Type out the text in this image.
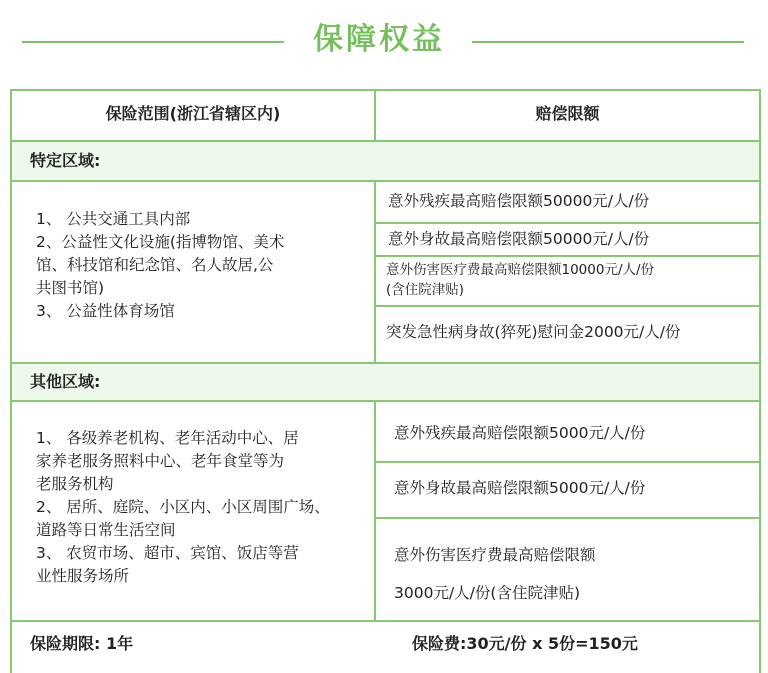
保障权益
保险范围(浙江省辖区内)	赔偿限额
特定区域:
1、 公共交通工具内部
2、公益性文化设施(指博物馆、美术
馆、科技馆和纪念馆、名人故居,公
共图书馆)
3、 公益性体育场馆
意外残疾最高赔偿限额50000元/人/份
意外身故最高赔偿限额50000元/人/份
意外伤害医疗费最高赔偿限额10000元/人/份
(含住院津贴)
突发急性病身故(猝死)慰问金2000元/人/份
其他区域:
1、 各级养老机构、老年活动中心、居
家养老服务照料中心、老年食堂等为
老服务机构
2、 居所、庭院、小区内、小区周围广场、
道路等日常生活空间
3、 农贸市场、超市、宾馆、饭店等营
业性服务场所
意外残疾最高赔偿限额5000元/人/份
意外身故最高赔偿限额5000元/人/份
意外伤害医疗费最高赔偿限额
3000元/人/份(含住院津贴)
保险期限: 1年	保险费:30元/份 x 5份=150元
